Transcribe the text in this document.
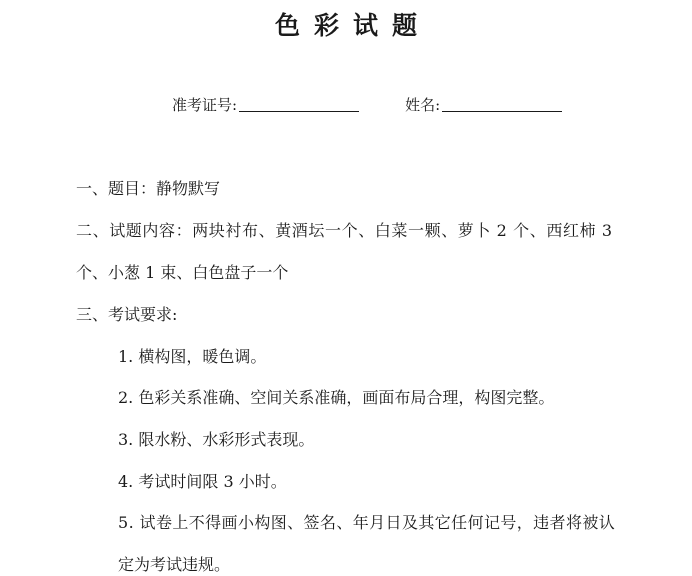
色彩试题
准考证号:	姓名:
一、题目：静物默写
二、试题内容：两块衬布、黄酒坛一个、白菜一颗、萝卜 2 个、西红柿 3
个、小葱 1 束、白色盘子一个
三、考试要求:
1. 横构图，暖色调。
2. 色彩关系准确、空间关系准确，画面布局合理，构图完整。
3. 限水粉、水彩形式表现。
4. 考试时间限 3 小时。
5. 试卷上不得画小构图、签名、年月日及其它任何记号，违者将被认
定为考试违规。
